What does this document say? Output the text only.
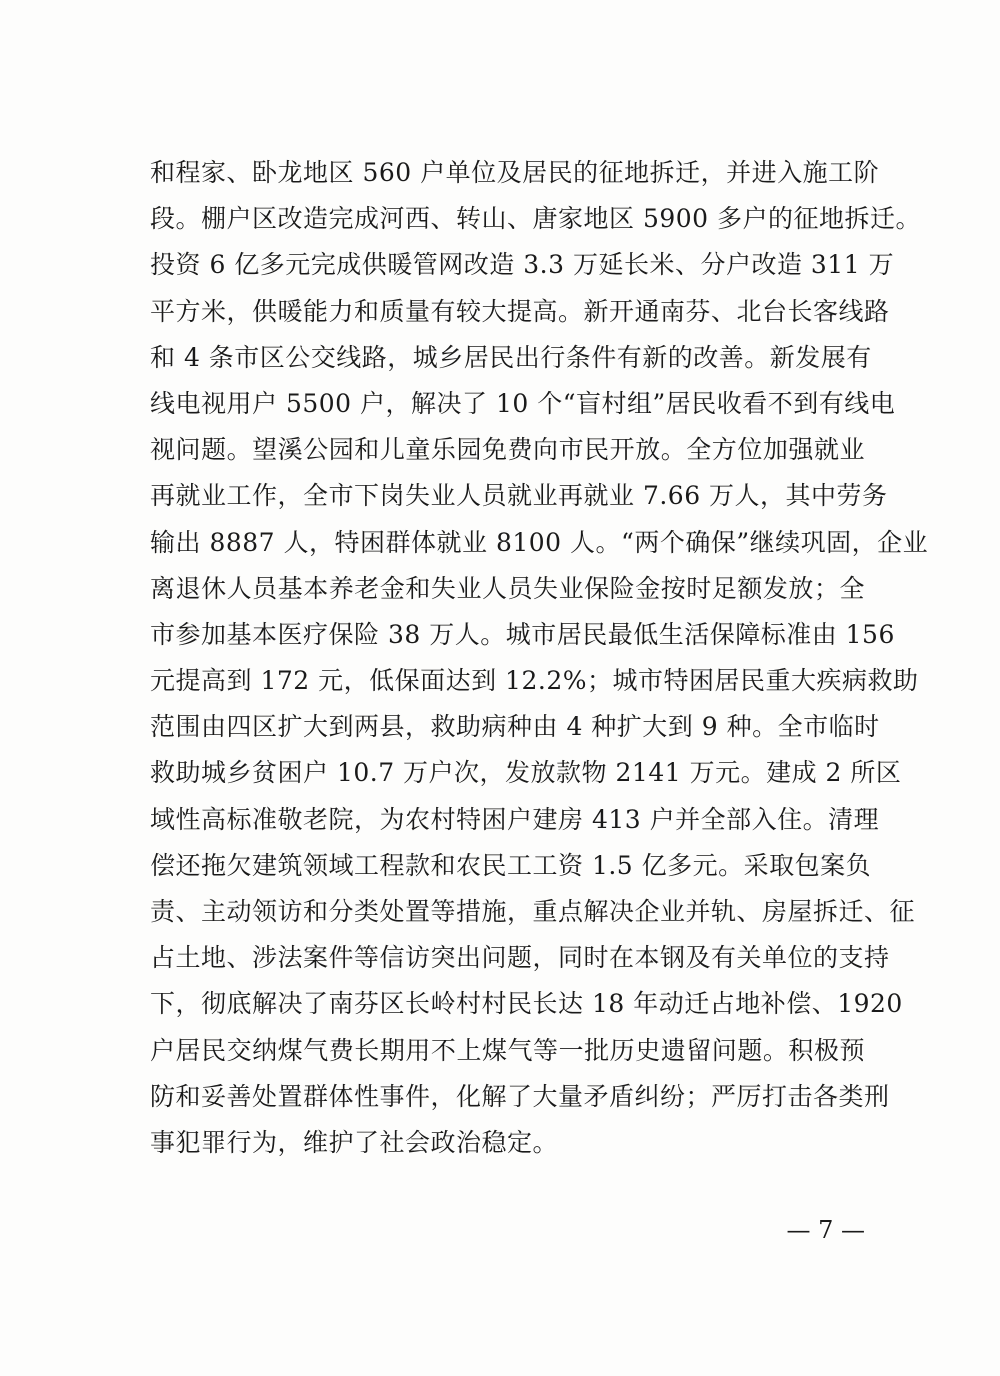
和程家、卧龙地区 560 户单位及居民的征地拆迁，并进入施工阶
段。棚户区改造完成河西、转山、唐家地区 5900 多户的征地拆迁。
投资 6 亿多元完成供暖管网改造 3.3 万延长米、分户改造 311 万
平方米，供暖能力和质量有较大提高。新开通南芬、北台长客线路
和 4 条市区公交线路，城乡居民出行条件有新的改善。新发展有
线电视用户 5500 户，解决了 10 个“盲村组”居民收看不到有线电
视问题。望溪公园和儿童乐园免费向市民开放。全方位加强就业
再就业工作，全市下岗失业人员就业再就业 7.66 万人，其中劳务
输出 8887 人，特困群体就业 8100 人。“两个确保”继续巩固，企业
离退休人员基本养老金和失业人员失业保险金按时足额发放；全
市参加基本医疗保险 38 万人。城市居民最低生活保障标准由 156
元提高到 172 元，低保面达到 12.2%；城市特困居民重大疾病救助
范围由四区扩大到两县，救助病种由 4 种扩大到 9 种。全市临时
救助城乡贫困户 10.7 万户次，发放款物 2141 万元。建成 2 所区
域性高标准敬老院，为农村特困户建房 413 户并全部入住。清理
偿还拖欠建筑领域工程款和农民工工资 1.5 亿多元。采取包案负
责、主动领访和分类处置等措施，重点解决企业并轨、房屋拆迁、征
占土地、涉法案件等信访突出问题，同时在本钢及有关单位的支持
下，彻底解决了南芬区长岭村村民长达 18 年动迁占地补偿、1920
户居民交纳煤气费长期用不上煤气等一批历史遗留问题。积极预
防和妥善处置群体性事件，化解了大量矛盾纠纷；严厉打击各类刑
事犯罪行为，维护了社会政治稳定。
— 7 —
